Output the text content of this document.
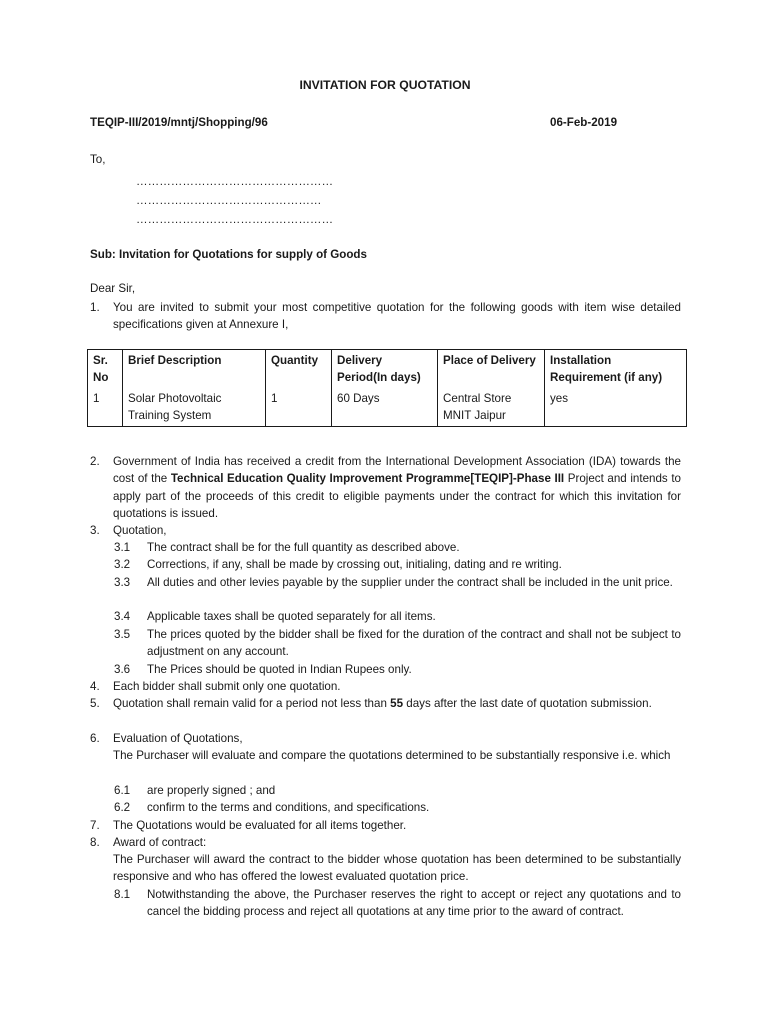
INVITATION FOR QUOTATION
TEQIP-III/2019/mntj/Shopping/96	06-Feb-2019
To,
……………………………………………
…………………………………………
……………………………………………
Sub: Invitation for Quotations for supply of Goods
Dear Sir,
1. You are invited to submit your most competitive quotation for the following goods with item wise detailed specifications given at Annexure I,
Sr. No	Brief Description	Quantity	Delivery Period(In days)	Place of Delivery	Installation Requirement (if any)
1	Solar Photovoltaic Training System	1	60 Days	Central Store MNIT Jaipur	yes
2. Government of India has received a credit from the International Development Association (IDA) towards the cost of the Technical Education Quality Improvement Programme[TEQIP]-Phase III Project and intends to apply part of the proceeds of this credit to eligible payments under the contract for which this invitation for quotations is issued.
3. Quotation,
3.1 The contract shall be for the full quantity as described above.
3.2 Corrections, if any, shall be made by crossing out, initialing, dating and re writing.
3.3 All duties and other levies payable by the supplier under the contract shall be included in the unit price.
3.4 Applicable taxes shall be quoted separately for all items.
3.5 The prices quoted by the bidder shall be fixed for the duration of the contract and shall not be subject to adjustment on any account.
3.6 The Prices should be quoted in Indian Rupees only.
4. Each bidder shall submit only one quotation.
5. Quotation shall remain valid for a period not less than 55 days after the last date of quotation submission.
6. Evaluation of Quotations,
The Purchaser will evaluate and compare the quotations determined to be substantially responsive i.e. which
6.1 are properly signed ; and
6.2 confirm to the terms and conditions, and specifications.
7. The Quotations would be evaluated for all items together.
8. Award of contract:
The Purchaser will award the contract to the bidder whose quotation has been determined to be substantially responsive and who has offered the lowest evaluated quotation price.
8.1 Notwithstanding the above, the Purchaser reserves the right to accept or reject any quotations and to cancel the bidding process and reject all quotations at any time prior to the award of contract.
